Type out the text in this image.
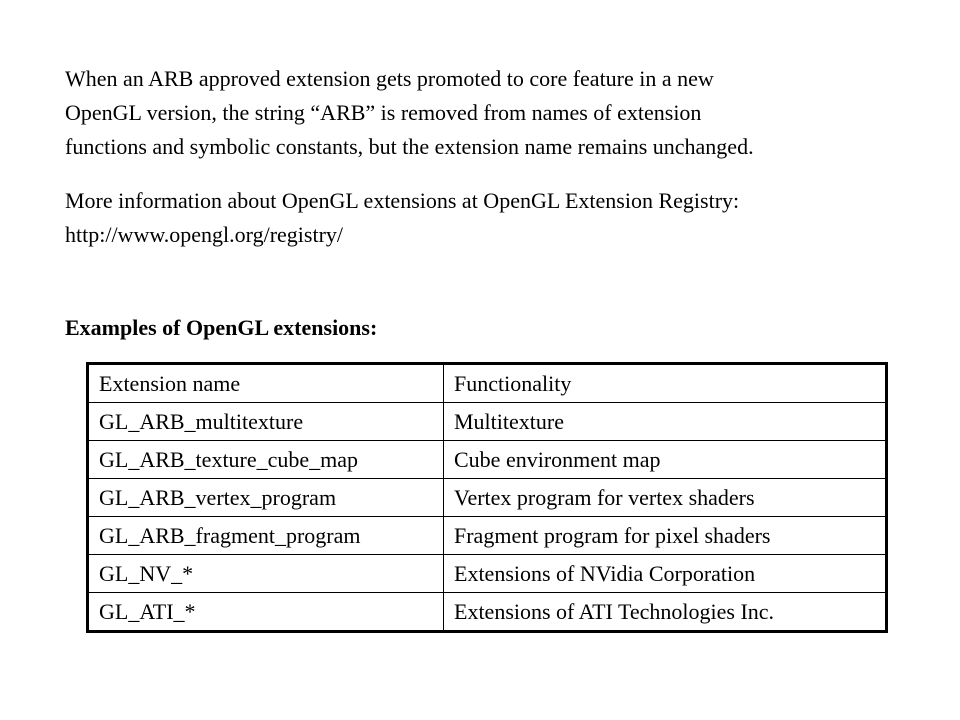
When an ARB approved extension gets promoted to core feature in a new
OpenGL version, the string “ARB” is removed from names of extension
functions and symbolic constants, but the extension name remains unchanged.

More information about OpenGL extensions at OpenGL Extension Registry:
http://www.opengl.org/registry/

Examples of OpenGL extensions:

Extension name	Functionality
GL_ARB_multitexture	Multitexture
GL_ARB_texture_cube_map	Cube environment map
GL_ARB_vertex_program	Vertex program for vertex shaders
GL_ARB_fragment_program	Fragment program for pixel shaders
GL_NV_*	Extensions of NVidia Corporation
GL_ATI_*	Extensions of ATI Technologies Inc.
